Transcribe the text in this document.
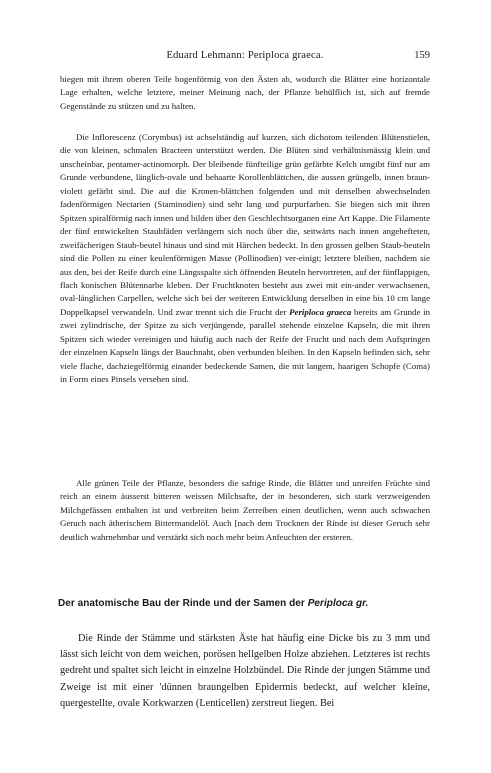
Eduard Lehmann: Periploca graeca.	159

biegen mit ihrem oberen Teile bogenförmig von den Ästen ab, wodurch die Blätter eine horizontale Lage erhalten, welche letztere, meiner Meinung nach, der Pflanze behülflich ist, sich auf fremde Gegenstände zu stützen und zu halten.

Die Inflorescenz (Corymbus) ist achselständig auf kurzen, sich dichotom teilenden Blütenstielen, die von kleinen, schmalen Bracteen unterstützt werden. Die Blüten sind verhältnismässig klein und unscheinbar, pentamer-actinomorph. Der bleibende fünfteilige grün gefärbte Kelch umgibt fünf nur am Grunde verbundene, länglich-ovale und behaarte Korollenblättchen, die aussen grüngelb, innen braun-violett gefärbt sind. Die auf die Kronen-blättchen folgenden und mit denselben abwechselnden fadenförmigen Nectarien (Staminodien) sind sehr lang und purpurfarben. Sie biegen sich mit ihren Spitzen spiralförmig nach innen und bilden über den Geschlechtsorganen eine Art Kappe. Die Filamente der fünf entwickelten Staubfäden verlängern sich noch über die, seitwärts nach innen angehefteten, zweifächerigen Staub-beutel hinaus und sind mit Härchen bedeckt. In den grossen gelben Staub-beuteln sind die Pollen zu einer keulenförmigen Masse (Pollinodien) ver-einigt; letztere bleiben, nachdem sie aus den, bei der Reife durch eine Längsspalte sich öffnenden Beuteln hervortreten, auf der fünflappigen, flach konischen Blütennarbe kleben. Der Fruchtknoten besteht aus zwei mit ein-ander verwachsenen, oval-länglichen Carpellen, welche sich bei der weiteren Entwicklung derselben in eine bis 10 cm lange Doppelkapsel verwandeln. Und zwar trennt sich die Frucht der Periploca graeca bereits am Grunde in zwei zylindrische, der Spitze zu sich verjüngende, parallel stehende einzelne Kapseln, die mit ihren Spitzen sich wieder vereinigen und häufig auch nach der Reife der Frucht und nach dem Aufspringen der einzelnen Kapseln längs der Bauchnaht, oben verbunden bleiben. In den Kapseln befinden sich, sehr viele flache, dachziegelförmig einander bedeckende Samen, die mit langem, haarigen Schopfe (Coma) in Form eines Pinsels versehen sind.

Alle grünen Teile der Pflanze, besonders die saftige Rinde, die Blätter und unreifen Früchte sind reich an einem äusserst bitteren weissen Milchsafte, der in besonderen, sich stark verzweigenden Milchgefässen enthalten ist und verbreiten beim Zerreiben einen deutlichen, wenn auch schwachen Geruch nach ätherischem Bittermandelöl. Auch [nach dem Trocknen der Rinde ist dieser Geruch sehr deutlich wahrnehmbar und verstärkt sich noch mehr beim Anfeuchten der ersteren.

Der anatomische Bau der Rinde und der Samen der Periploca gr.

Die Rinde der Stämme und stärksten Äste hat häufig eine Dicke bis zu 3 mm und lässt sich leicht von dem weichen, porösen hellgelben Holze abziehen. Letzteres ist rechts gedreht und spaltet sich leicht in einzelne Holzbündel. Die Rinde der jungen Stämme und Zweige ist mit einer 'dünnen braungelben Epidermis bedeckt, auf welcher kleine, quergestellte, ovale Korkwarzen (Lenticellen) zerstreut liegen. Bei
